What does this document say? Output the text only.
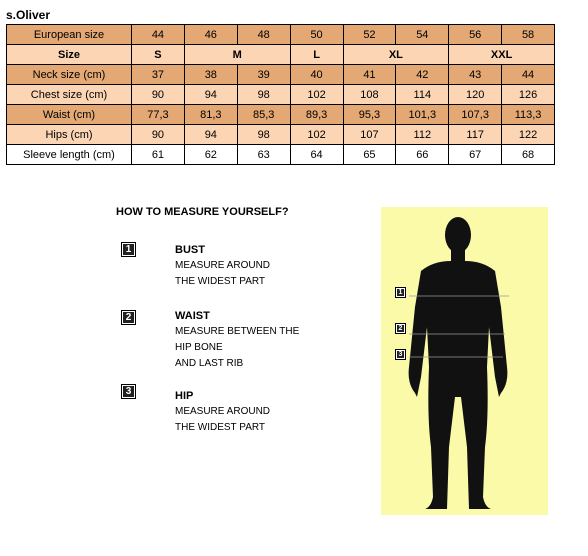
s.Oliver
European size	44	46	48	50	52	54	56	58
Size	S	M		L	XL		XXL	
Neck size (cm)	37	38	39	40	41	42	43	44
Chest size (cm)	90	94	98	102	108	114	120	126
Waist (cm)	77,3	81,3	85,3	89,3	95,3	101,3	107,3	113,3
Hips (cm)	90	94	98	102	107	112	117	122
Sleeve length (cm)	61	62	63	64	65	66	67	68
HOW TO MEASURE YOURSELF?
1	BUST
MEASURE AROUND
THE WIDEST PART
2	WAIST
MEASURE BETWEEN THE
HIP BONE
AND LAST RIB
3	HIP
MEASURE AROUND
THE WIDEST PART
1
2
3
